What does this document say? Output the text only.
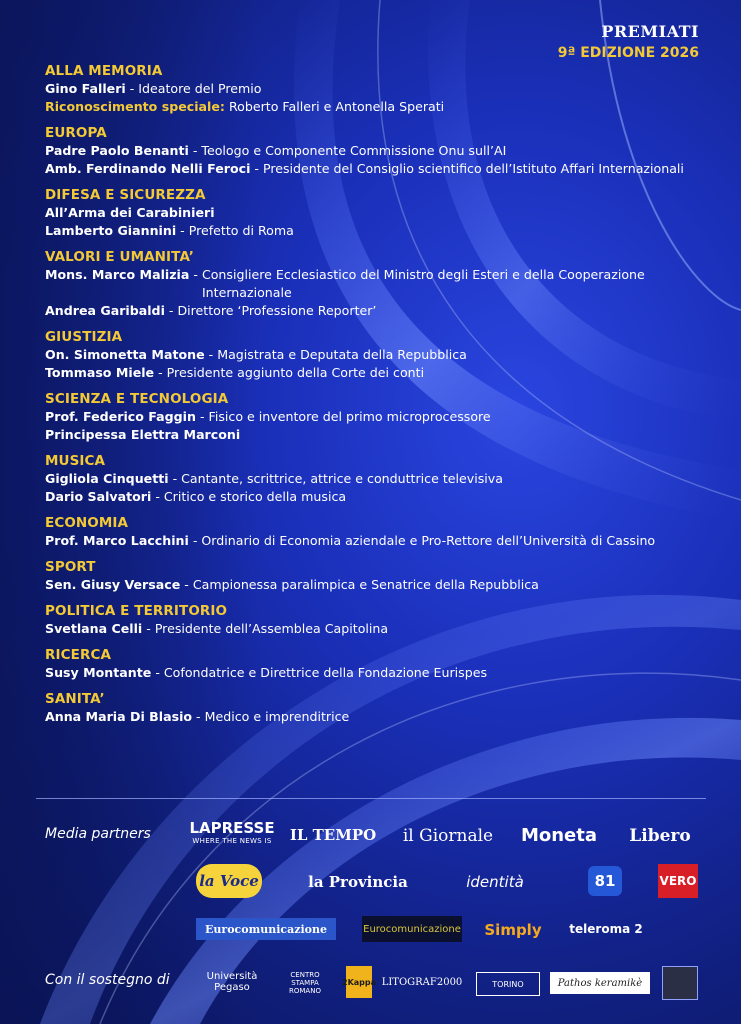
PREMIATI
9ª EDIZIONE 2026
ALLA MEMORIA
Gino Falleri - Ideatore del Premio
Riconoscimento speciale:
Roberto Falleri e Antonella Sperati
EUROPA
Padre Paolo Benanti - Teologo e Componente Commissione Onu sull’AI
Amb. Ferdinando Nelli Feroci - Presidente del Consiglio scientifico dell’Istituto Affari Internazionali
DIFESA E SICUREZZA
All’Arma dei Carabinieri
Lamberto Giannini - Prefetto di Roma
VALORI E UMANITA’
Mons. Marco Malizia - Consigliere Ecclesiastico del Ministro degli Esteri e della Cooperazione Internazionale
Andrea Garibaldi - Direttore ‘Professione Reporter’
GIUSTIZIA
On. Simonetta Matone - Magistrata e Deputata della Repubblica
Tommaso Miele - Presidente aggiunto della Corte dei conti
SCIENZA E TECNOLOGIA
Prof. Federico Faggin - Fisico e inventore del primo microprocessore
Principessa Elettra Marconi
MUSICA
Gigliola Cinquetti - Cantante, scrittrice, attrice e conduttrice televisiva
Dario Salvatori - Critico e storico della musica
ECONOMIA
Prof. Marco Lacchini - Ordinario di Economia aziendale e Pro-Rettore dell’Università di Cassino
SPORT
Sen. Giusy Versace - Campionessa paralimpica e Senatrice della Repubblica
POLITICA E TERRITORIO
Svetlana Celli - Presidente dell’Assemblea Capitolina
RICERCA
Susy Montante - Cofondatrice e Direttrice della Fondazione Eurispes
SANITA’
Anna Maria Di Blasio - Medico e imprenditrice
Media partners
Con il sostegno di
LAPRESSE
WHERE THE NEWS IS IL TEMPO il Giornale Moneta Libero
la Voce	la Provincia	identità	81	VERO
Eurocomunicazione	Eurocomunicazione Simply teleroma 2
Università Pegaso
CENTRO STAMPA ROMANO
2Kappa LITOGRAF2000	TORINO	Pathos keramikè
